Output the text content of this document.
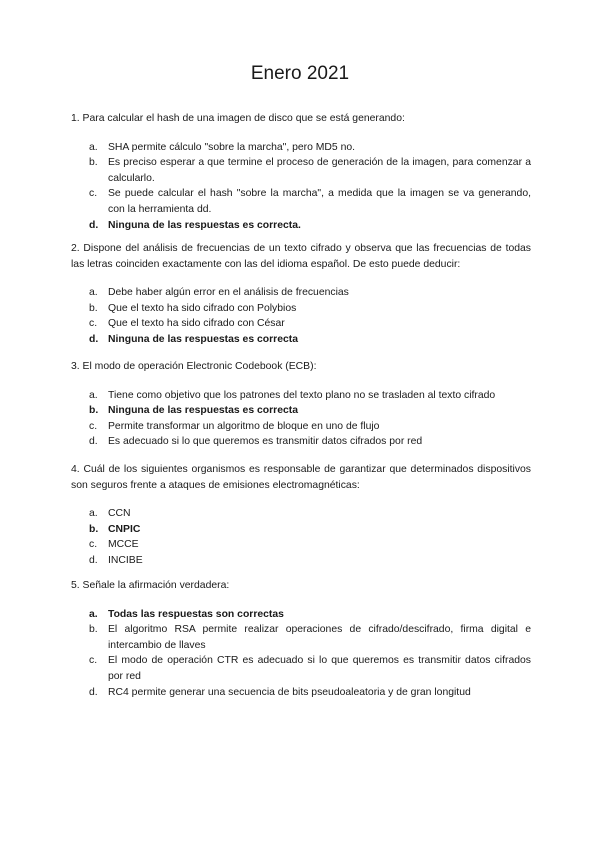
Enero 2021
1. Para calcular el hash de una imagen de disco que se está generando:
a. SHA permite cálculo "sobre la marcha", pero MD5 no.
b. Es preciso esperar a que termine el proceso de generación de la imagen, para comenzar a calcularlo.
c. Se puede calcular el hash "sobre la marcha", a medida que la imagen se va generando, con la herramienta dd.
d. Ninguna de las respuestas es correcta.
2. Dispone del análisis de frecuencias de un texto cifrado y observa que las frecuencias de todas las letras coinciden exactamente con las del idioma español. De esto puede deducir:
a. Debe haber algún error en el análisis de frecuencias
b. Que el texto ha sido cifrado con Polybios
c. Que el texto ha sido cifrado con César
d. Ninguna de las respuestas es correcta
3. El modo de operación Electronic Codebook (ECB):
a. Tiene como objetivo que los patrones del texto plano no se trasladen al texto cifrado
b. Ninguna de las respuestas es correcta
c. Permite transformar un algoritmo de bloque en uno de flujo
d. Es adecuado si lo que queremos es transmitir datos cifrados por red
4. Cuál de los siguientes organismos es responsable de garantizar que determinados dispositivos son seguros frente a ataques de emisiones electromagnéticas:
a. CCN
b. CNPIC
c. MCCE
d. INCIBE
5. Señale la afirmación verdadera:
a. Todas las respuestas son correctas
b. El algoritmo RSA permite realizar operaciones de cifrado/descifrado, firma digital e intercambio de llaves
c. El modo de operación CTR es adecuado si lo que queremos es transmitir datos cifrados por red
d. RC4 permite generar una secuencia de bits pseudoaleatoria y de gran longitud
